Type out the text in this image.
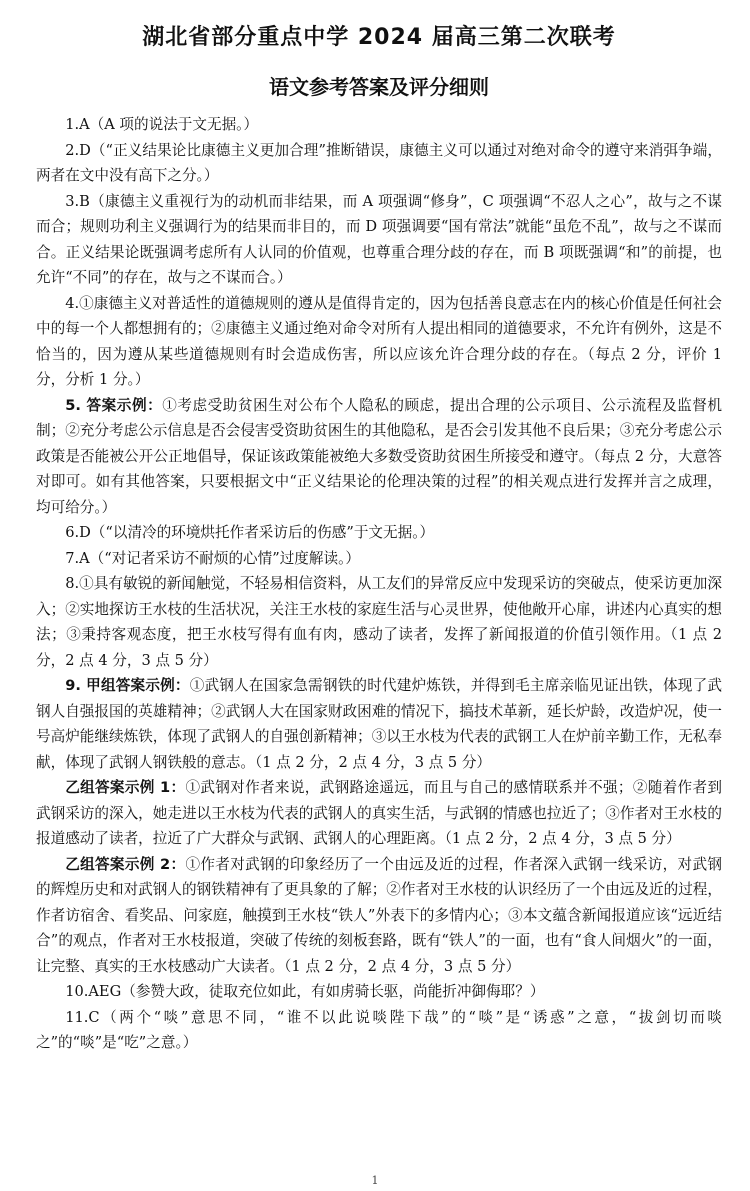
湖北省部分重点中学 2024 届高三第二次联考
语文参考答案及评分细则

1.A（A 项的说法于文无据。）

2.D（“正义结果论比康德主义更加合理”推断错误，康德主义可以通过对绝对命令的遵守来消弭争端，两者在文中没有高下之分。）

3.B（康德主义重视行为的动机而非结果，而 A 项强调“修身”，C 项强调“不忍人之心”，故与之不谋而合；规则功利主义强调行为的结果而非目的，而 D 项强调要“国有常法”就能“虽危不乱”，故与之不谋而合。正义结果论既强调考虑所有人认同的价值观，也尊重合理分歧的存在，而 B 项既强调“和”的前提，也允许“不同”的存在，故与之不谋而合。）

4.①康德主义对普适性的道德规则的遵从是值得肯定的，因为包括善良意志在内的核心价值是任何社会中的每一个人都想拥有的；②康德主义通过绝对命令对所有人提出相同的道德要求，不允许有例外，这是不恰当的，因为遵从某些道德规则有时会造成伤害，所以应该允许合理分歧的存在。（每点 2 分，评价 1 分，分析 1 分。）

5. 答案示例：①考虑受助贫困生对公布个人隐私的顾虑，提出合理的公示项目、公示流程及监督机制；②充分考虑公示信息是否会侵害受资助贫困生的其他隐私，是否会引发其他不良后果；③充分考虑公示政策是否能被公开公正地倡导，保证该政策能被绝大多数受资助贫困生所接受和遵守。（每点 2 分，大意答对即可。如有其他答案，只要根据文中“正义结果论的伦理决策的过程”的相关观点进行发挥并言之成理，均可给分。）

6.D（“以清冷的环境烘托作者采访后的伤感”于文无据。）

7.A（“对记者采访不耐烦的心情”过度解读。）

8.①具有敏锐的新闻触觉，不轻易相信资料，从工友们的异常反应中发现采访的突破点，使采访更加深入；②实地探访王水枝的生活状况，关注王水枝的家庭生活与心灵世界，使他敞开心扉，讲述内心真实的想法；③秉持客观态度，把王水枝写得有血有肉，感动了读者，发挥了新闻报道的价值引领作用。（1 点 2 分，2 点 4 分，3 点 5 分）

9. 甲组答案示例：①武钢人在国家急需钢铁的时代建炉炼铁，并得到毛主席亲临见证出铁，体现了武钢人自强报国的英雄精神；②武钢人大在国家财政困难的情况下，搞技术革新，延长炉龄，改造炉况，使一号高炉能继续炼铁，体现了武钢人的自强创新精神；③以王水枝为代表的武钢工人在炉前辛勤工作，无私奉献，体现了武钢人钢铁般的意志。（1 点 2 分，2 点 4 分，3 点 5 分）

乙组答案示例 1：①武钢对作者来说，武钢路途遥远，而且与自己的感情联系并不强；②随着作者到武钢采访的深入，她走进以王水枝为代表的武钢人的真实生活，与武钢的情感也拉近了；③作者对王水枝的报道感动了读者，拉近了广大群众与武钢、武钢人的心理距离。（1 点 2 分，2 点 4 分，3 点 5 分）

乙组答案示例 2：①作者对武钢的印象经历了一个由远及近的过程，作者深入武钢一线采访，对武钢的辉煌历史和对武钢人的钢铁精神有了更具象的了解；②作者对王水枝的认识经历了一个由远及近的过程，作者访宿舍、看奖品、问家庭，触摸到王水枝“铁人”外表下的多情内心；③本文蕴含新闻报道应该“远近结合”的观点，作者对王水枝报道，突破了传统的刻板套路，既有“铁人”的一面，也有“食人间烟火”的一面，让完整、真实的王水枝感动广大读者。（1 点 2 分，2 点 4 分，3 点 5 分）

10.AEG（参赞大政，徒取充位如此，有如虏骑长驱，尚能折冲御侮耶？）

11.C（两个“啖”意思不同，“谁不以此说啖陛下哉”的“啖”是“诱惑”之意，“拔剑切而啖之”的“啖”是“吃”之意。）

1
